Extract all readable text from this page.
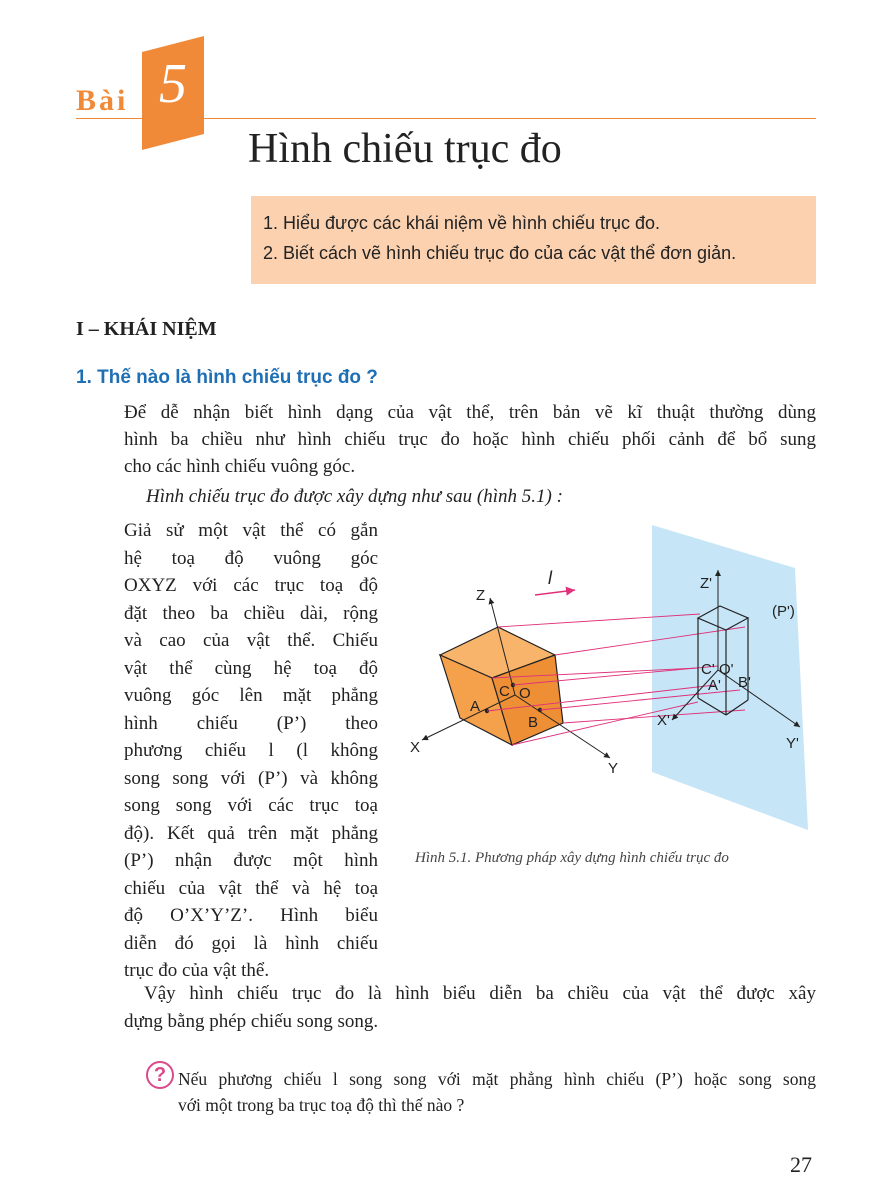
Bài 5
Hình chiếu trục đo
1. Hiểu được các khái niệm về hình chiếu trục đo.
2. Biết cách vẽ hình chiếu trục đo của các vật thể đơn giản.
I – KHÁI NIỆM
1. Thế nào là hình chiếu trục đo ?
Để dễ nhận biết hình dạng của vật thể, trên bản vẽ kĩ thuật thường dùng
hình ba chiều như hình chiếu trục đo hoặc hình chiếu phối cảnh để bổ sung
cho các hình chiếu vuông góc.
Hình chiếu trục đo được xây dựng như sau (hình 5.1) :
Giả sử một vật thể có gắn
hệ toạ độ vuông góc
OXYZ với các trục toạ độ
đặt theo ba chiều dài, rộng
và cao của vật thể. Chiếu
vật thể cùng hệ toạ độ
vuông góc lên mặt phẳng
hình chiếu (P’) theo
phương chiếu l (l không
song song với (P’) và không
song song với các trục toạ
độ). Kết quả trên mặt phẳng
(P’) nhận được một hình
chiếu của vật thể và hệ toạ
độ O’X’Y’Z’. Hình biểu
diễn đó gọi là hình chiếu
trục đo của vật thể.
Z
X
Y
C O
A
B
l	Z'
(P')
C' O'
A' B'
X'
Y'
Hình 5.1. Phương pháp xây dựng hình chiếu trục đo
Vậy hình chiếu trục đo là hình biểu diễn ba chiều của vật thể được xây
dựng bằng phép chiếu song song.
? Nếu phương chiếu l song song với mặt phẳng hình chiếu (P’) hoặc song song
với một trong ba trục toạ độ thì thế nào ?
27
